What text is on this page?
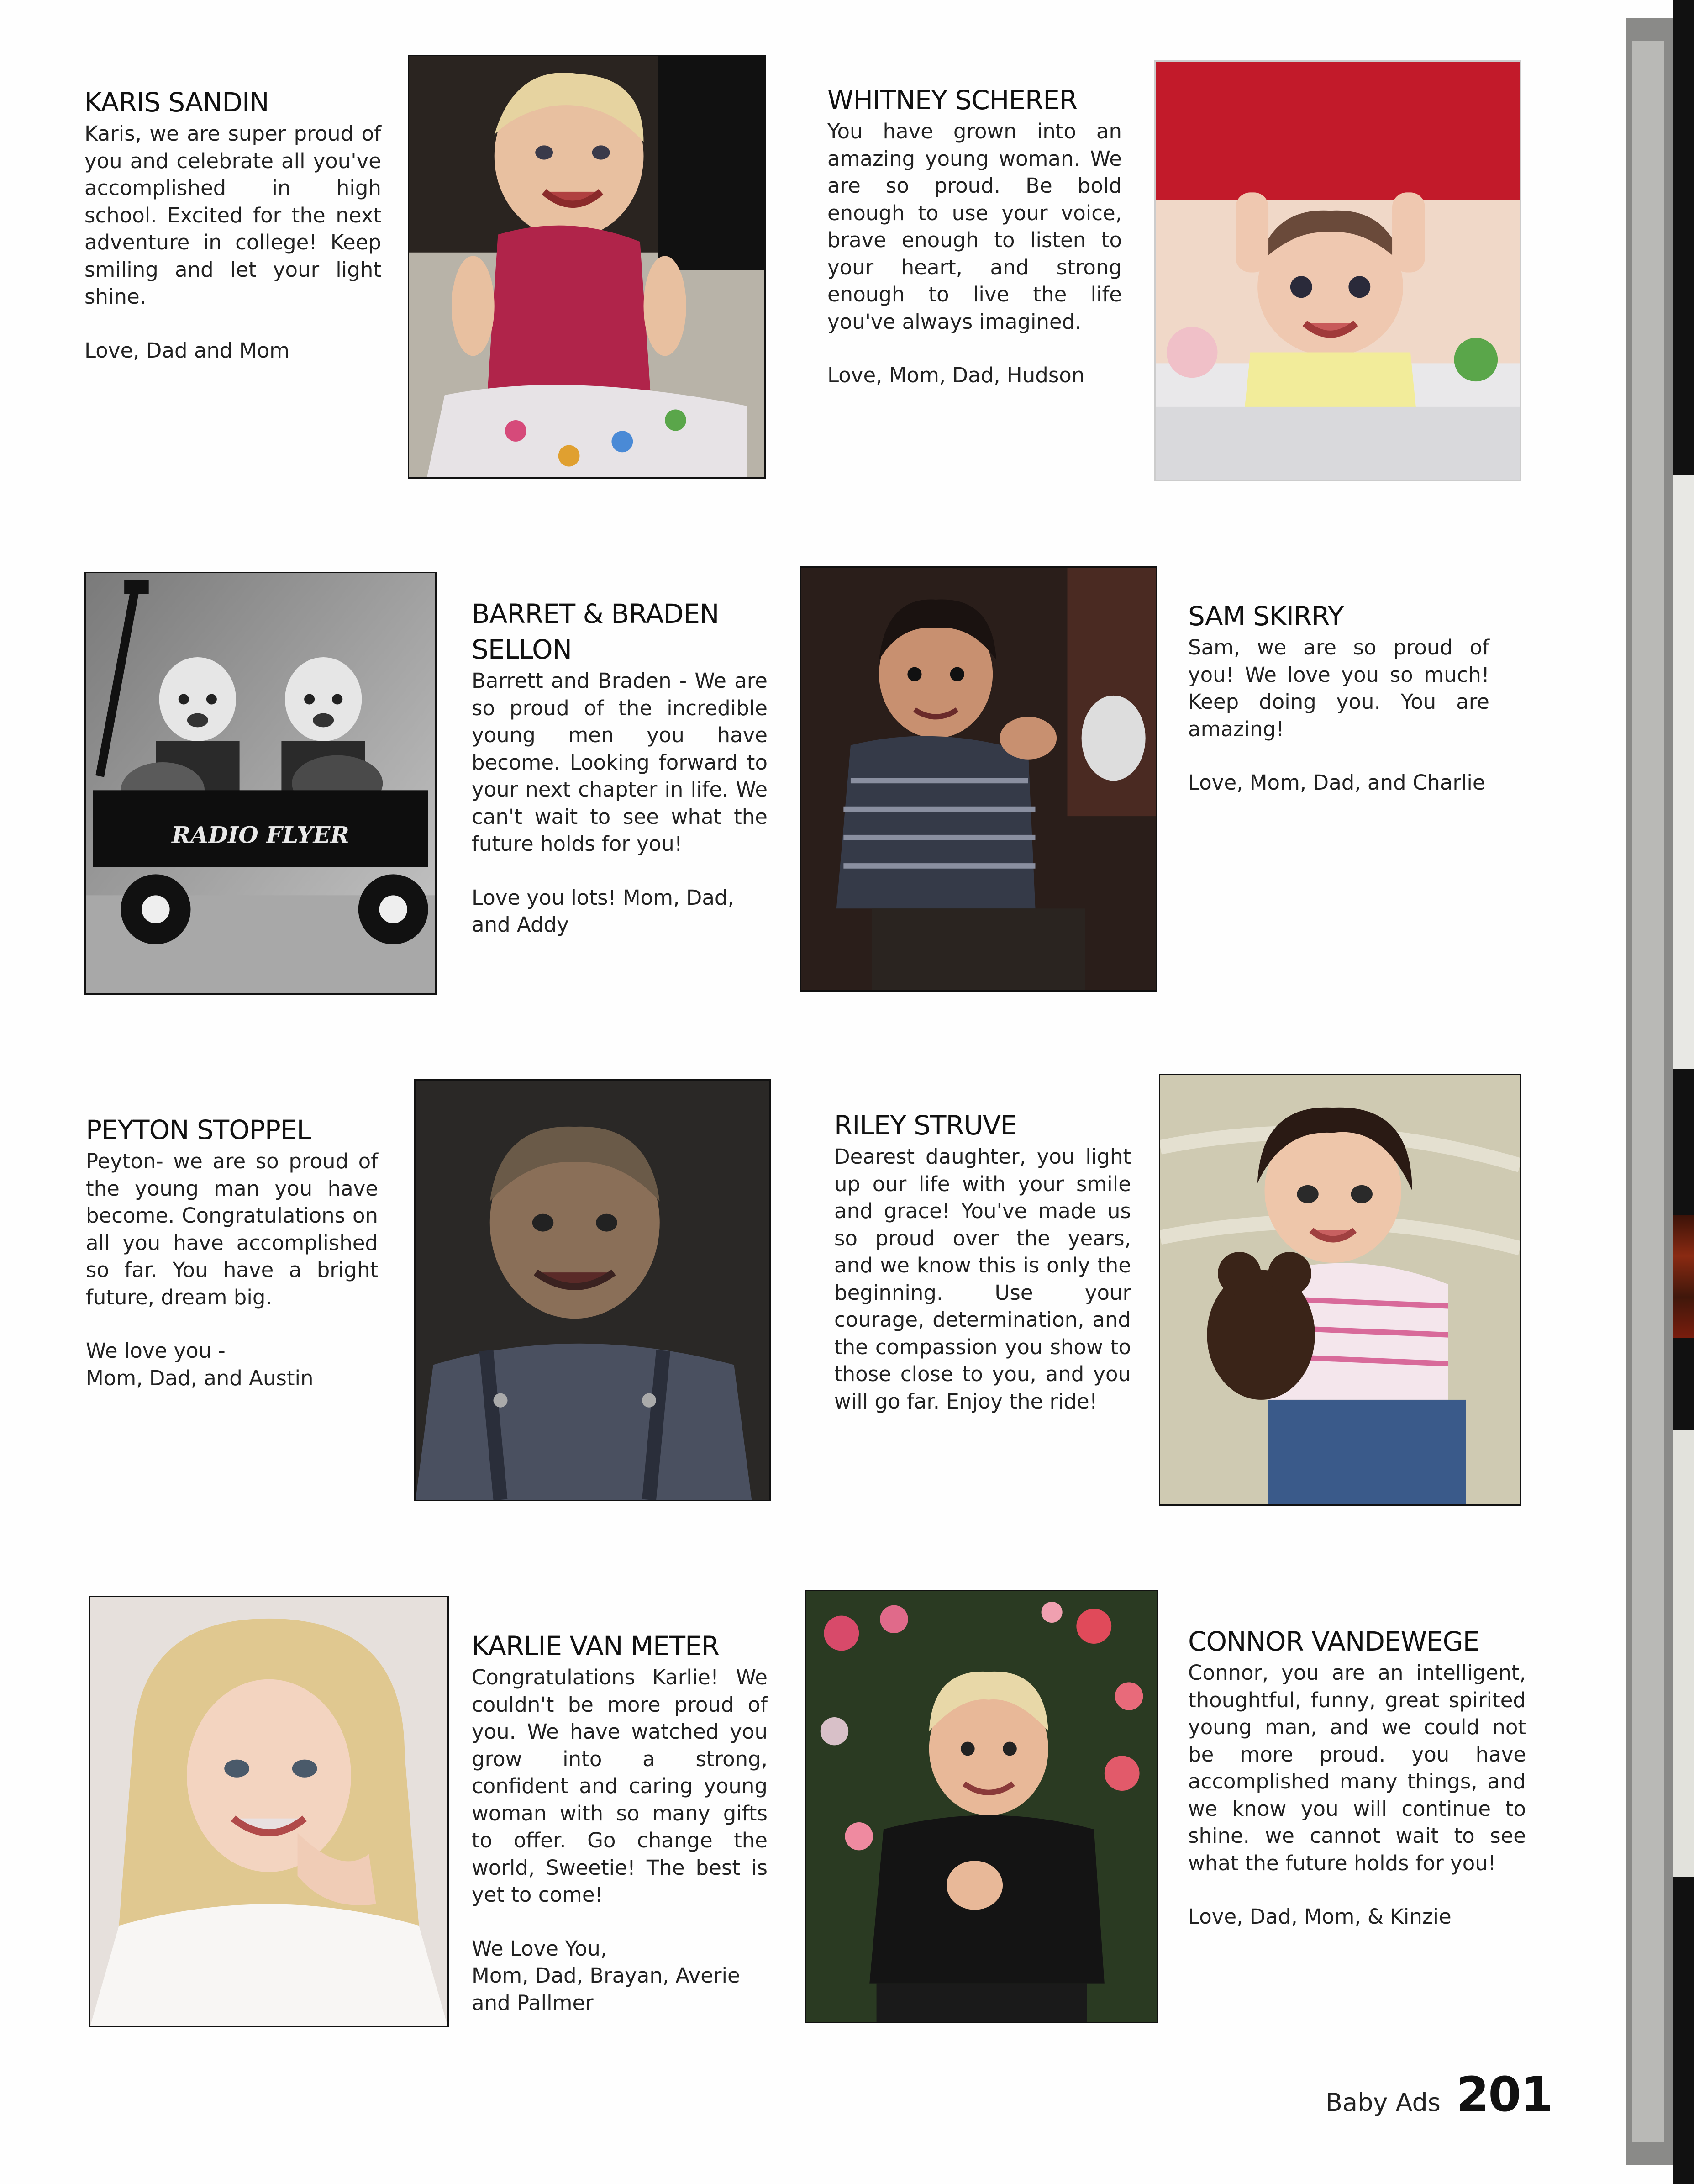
KARIS SANDIN

Karis, we are super proud of you and celebrate all you've accomplished in high school. Excited for the next adventure in college! Keep smiling and let your light shine.

Love, Dad and Mom

WHITNEY SCHERER

You have grown into an amazing young woman. We are so proud. Be bold enough to use your voice, brave enough to listen to your heart, and strong enough to live the life you've always imagined.

Love, Mom, Dad, Hudson

RADIO FLYER

BARRET & BRADEN SELLON

Barrett and Braden - We are so proud of the incredible young men you have become. Looking forward to your next chapter in life. We can't wait to see what the future holds for you!

Love you lots! Mom, Dad, and Addy

SAM SKIRRY

Sam, we are so proud of you! We love you so much! Keep doing you. You are amazing!

Love, Mom, Dad, and Charlie

PEYTON STOPPEL

Peyton- we are so proud of the young man you have become. Congratulations on all you have accomplished so far. You have a bright future, dream big.

We love you -
Mom, Dad, and Austin

RILEY STRUVE

Dearest daughter, you light up our life with your smile and grace! You've made us so proud over the years, and we know this is only the beginning. Use your courage, determination, and the compassion you show to those close to you, and you will go far. Enjoy the ride!

KARLIE VAN METER

Congratulations Karlie! We couldn't be more proud of you. We have watched you grow into a strong, confident and caring young woman with so many gifts to offer. Go change the world, Sweetie! The best is yet to come!

We Love You,
Mom, Dad, Brayan, Averie and Pallmer

CONNOR VANDEWEGE

Connor, you are an intelligent, thoughtful, funny, great spirited young man, and we could not be more proud. you have accomplished many things, and we know you will continue to shine. we cannot wait to see what the future holds for you!

Love, Dad, Mom, & Kinzie

Baby Ads 201
